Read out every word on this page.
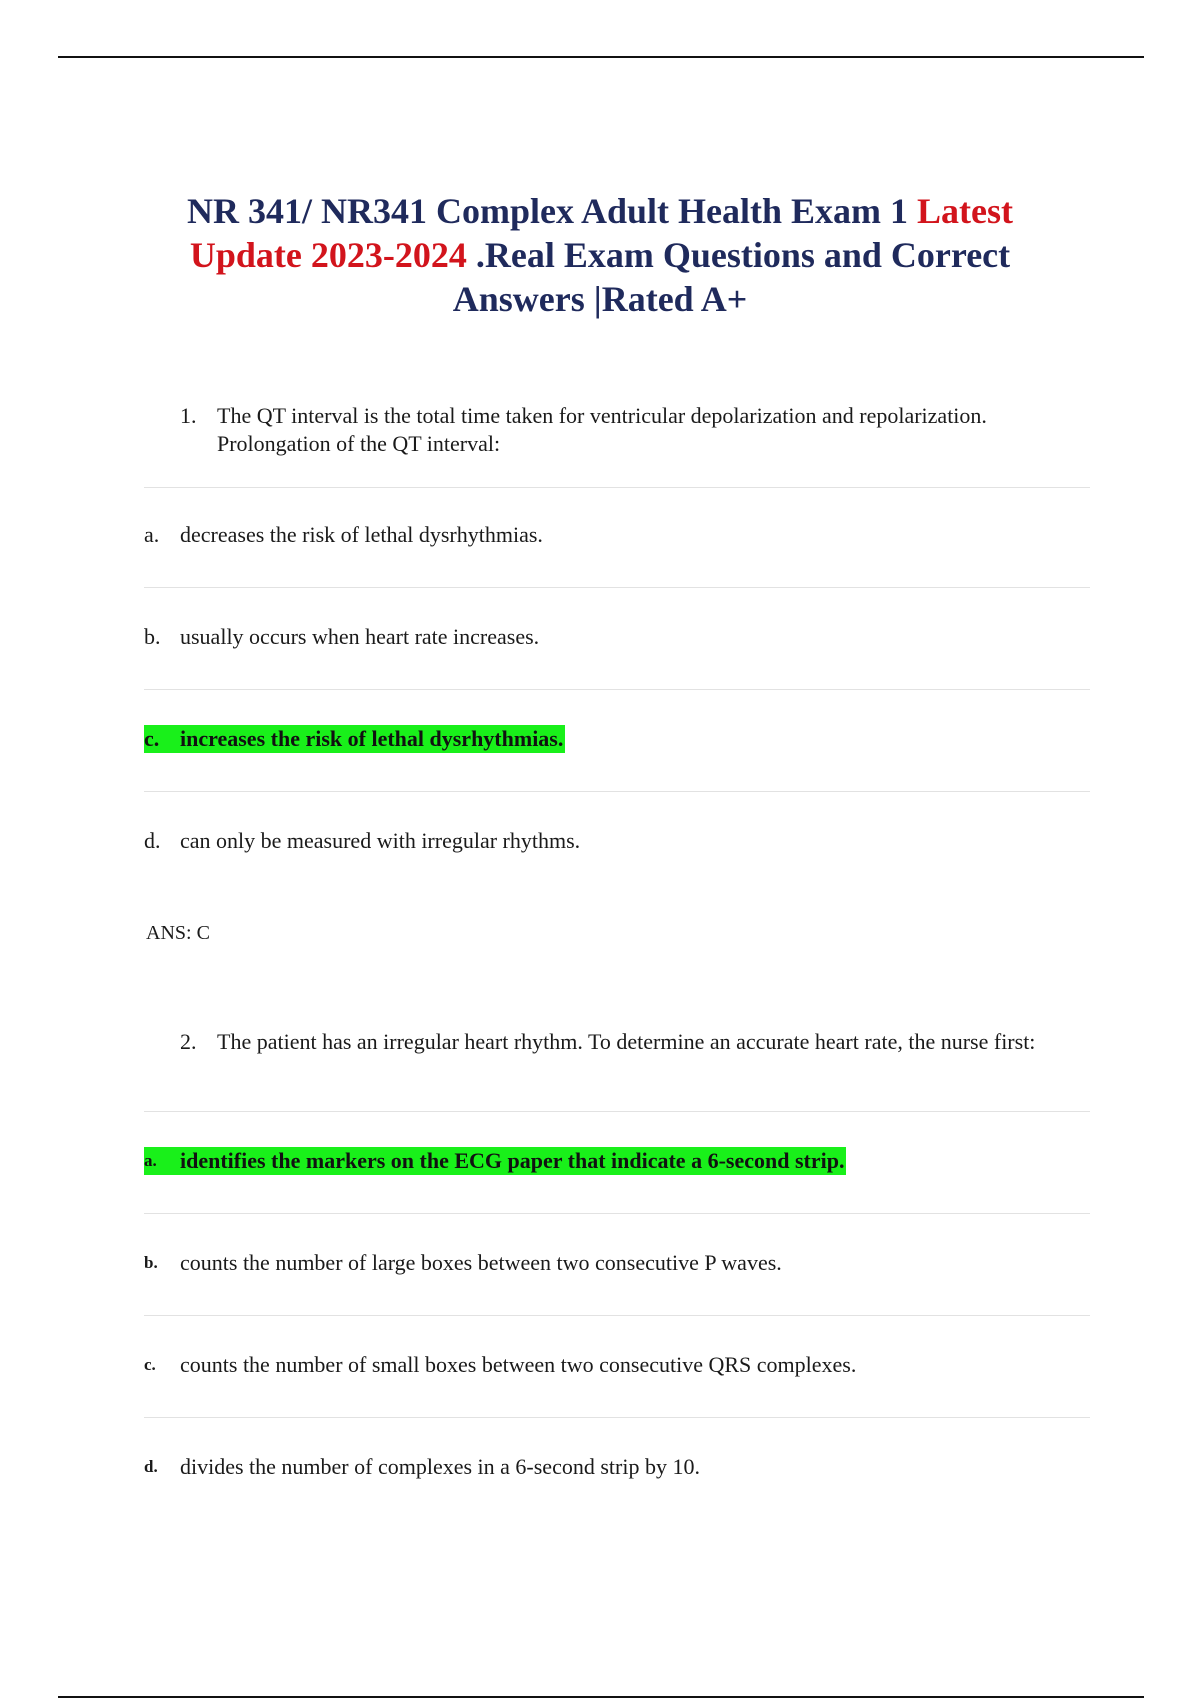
NR 341/ NR341 Complex Adult Health Exam 1 Latest Update 2023-2024 .Real Exam Questions and Correct Answers |Rated A+
1. The QT interval is the total time taken for ventricular depolarization and repolarization. Prolongation of the QT interval:
a. decreases the risk of lethal dysrhythmias.
b. usually occurs when heart rate increases.
c. increases the risk of lethal dysrhythmias.
d. can only be measured with irregular rhythms.
ANS: C
2. The patient has an irregular heart rhythm. To determine an accurate heart rate, the nurse first:
a.	identifies the markers on the ECG paper that indicate a 6-second strip.
b.	counts the number of large boxes between two consecutive P waves.
c.	counts the number of small boxes between two consecutive QRS complexes.
d.	divides the number of complexes in a 6-second strip by 10.
